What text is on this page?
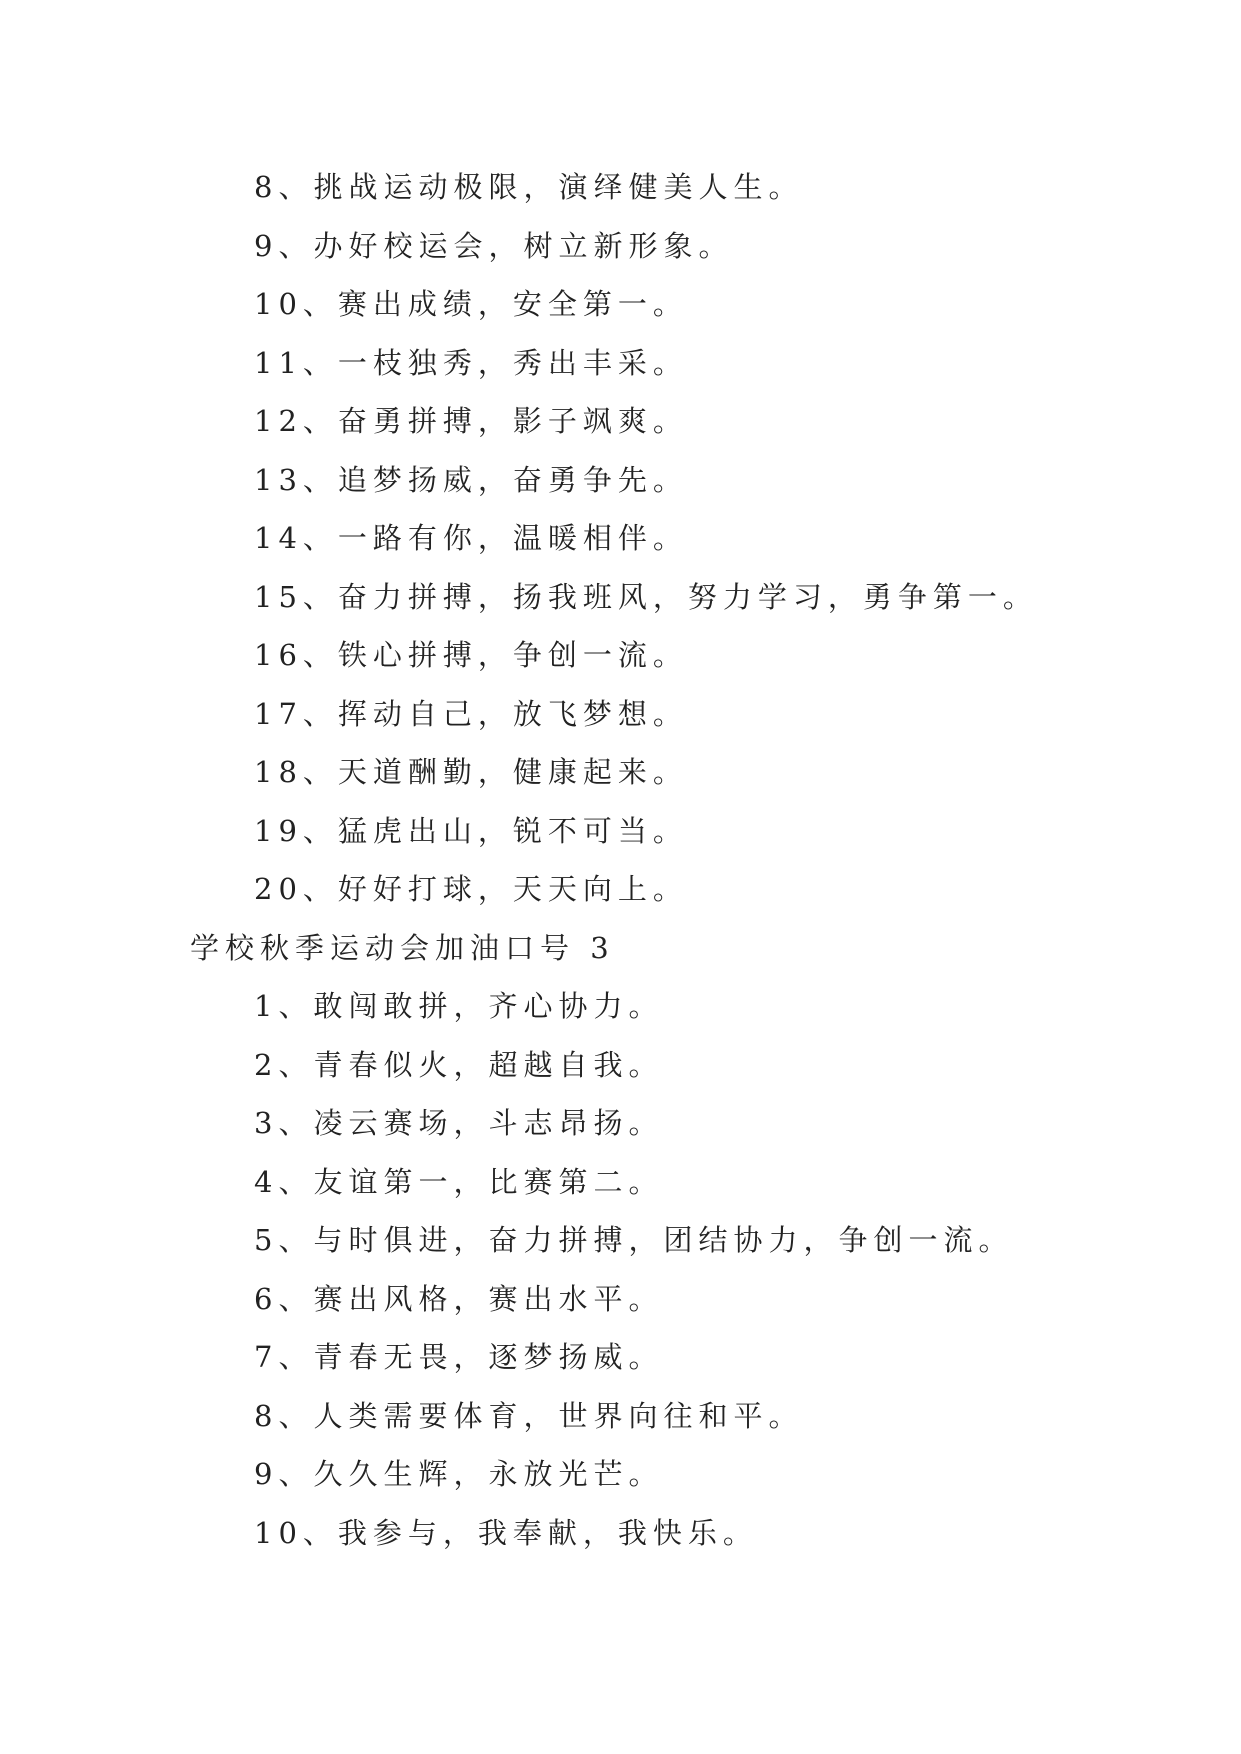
8、挑战运动极限，演绎健美人生。
9、办好校运会，树立新形象。
10、赛出成绩，安全第一。
11、一枝独秀，秀出丰采。
12、奋勇拼搏，影子飒爽。
13、追梦扬威，奋勇争先。
14、一路有你，温暖相伴。
15、奋力拼搏，扬我班风，努力学习，勇争第一。
16、铁心拼搏，争创一流。
17、挥动自己，放飞梦想。
18、天道酬勤，健康起来。
19、猛虎出山，锐不可当。
20、好好打球，天天向上。
学校秋季运动会加油口号 3
1、敢闯敢拼，齐心协力。
2、青春似火，超越自我。
3、凌云赛场，斗志昂扬。
4、友谊第一，比赛第二。
5、与时俱进，奋力拼搏，团结协力，争创一流。
6、赛出风格，赛出水平。
7、青春无畏，逐梦扬威。
8、人类需要体育，世界向往和平。
9、久久生辉，永放光芒。
10、我参与，我奉献，我快乐。
